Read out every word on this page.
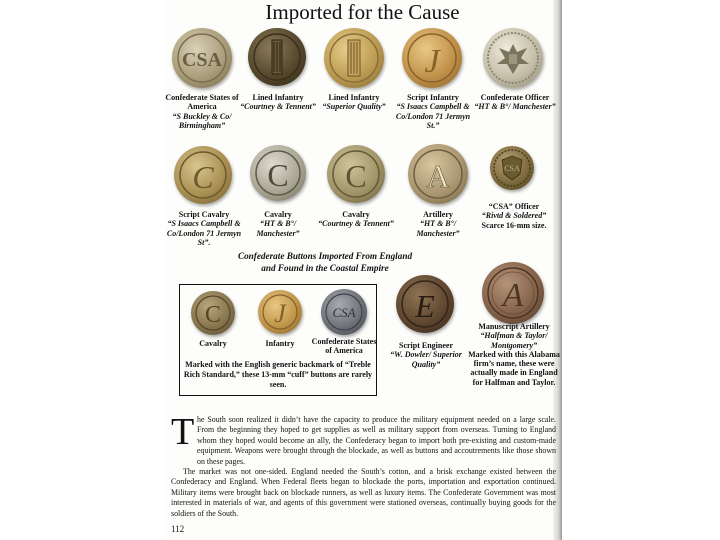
Imported for the Cause
CSA	J
Confederate States of America
“S Buckley & Co/ Birmingham”
Lined Infantry
“Courtney & Tennent”
Lined Infantry
“Superior Quality”
Script Infantry
“S Isaacs Campbell & Co/London 71 Jermyn St.”
Confederate Officer
“HT & B°/ Manchester”
C C C A	CSA
Script Cavalry
“S Isaacs Campbell & Co/London 71 Jermyn St”.
Cavalry
“HT & B°/ Manchester”
Cavalry
“Courtney & Tennent”
Artillery
“HT & B°/ Manchester”
“CSA” Officer
“Rivtd & Soldered”
Scarce 16-mm size.
Confederate Buttons Imported From England
and Found in the Coastal Empire
C J	CSA
Cavalry	Infantry	Confederate States of America
Marked with the English generic backmark of “Treble Rich Standard,” these 13-mm “cuff” buttons are rarely seen.
E A
Script Engineer
“W. Dowler/ Superior Quality”
Manuscript Artillery
“Halfman & Taylor/ Montgomery”
Marked with this Alabama firm’s name, these were actually made in England for Halfman and Taylor.
T he South soon realized it didn’t have the capacity to produce the military equipment needed on a large scale. From the beginning they hoped to get supplies as well as military support from overseas. Turning to England whom they hoped would become an ally, the Confederacy began to import both pre-existing and custom-made equipment. Weapons were brought through the blockade, as well as buttons and accoutrements like those shown on these pages.

The market was not one-sided. England needed the South’s cotton, and a brisk exchange existed between the Confederacy and England. When Federal fleets began to blockade the ports, importation and exportation continued. Military items were brought back on blockade runners, as well as luxury items. The Confederate Government was most interested in materials of war, and agents of this government were stationed overseas, continually buying goods for the soldiers of the South.

112
